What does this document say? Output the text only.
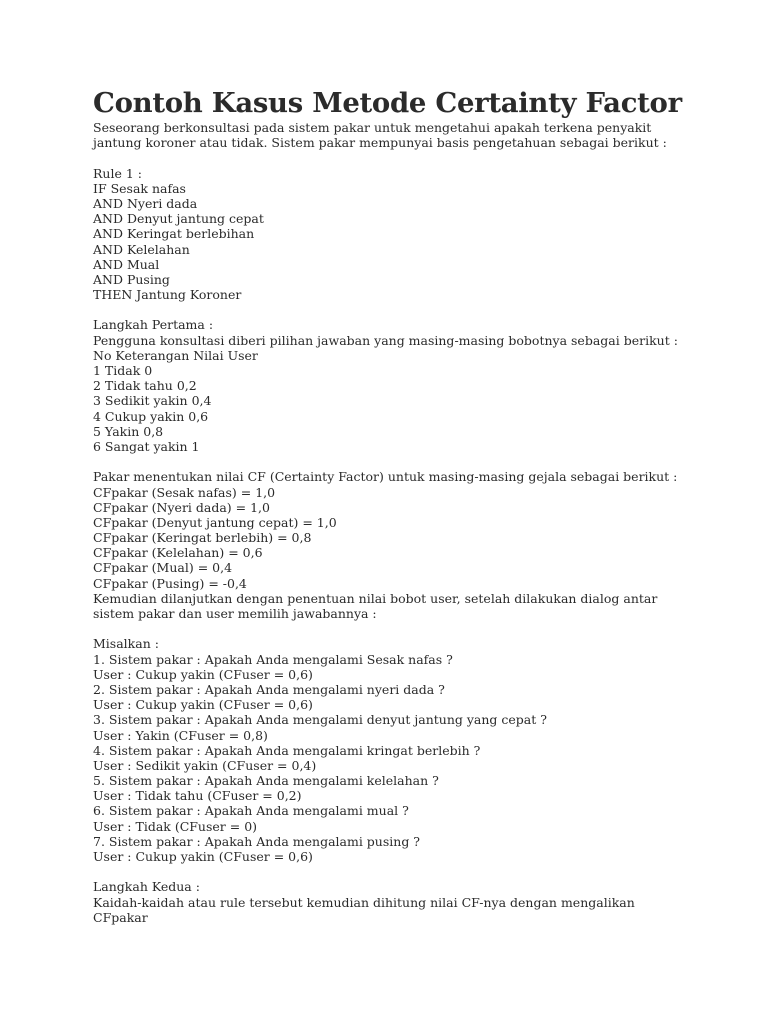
Contoh Kasus Metode Certainty Factor
Seseorang berkonsultasi pada sistem pakar untuk mengetahui apakah terkena penyakit
jantung koroner atau tidak. Sistem pakar mempunyai basis pengetahuan sebagai berikut :
Rule 1 :
IF Sesak nafas
AND Nyeri dada
AND Denyut jantung cepat
AND Keringat berlebihan
AND Kelelahan
AND Mual
AND Pusing
THEN Jantung Koroner
Langkah Pertama :
Pengguna konsultasi diberi pilihan jawaban yang masing-masing bobotnya sebagai berikut :
No Keterangan Nilai User
1 Tidak 0
2 Tidak tahu 0,2
3 Sedikit yakin 0,4
4 Cukup yakin 0,6
5 Yakin 0,8
6 Sangat yakin 1
Pakar menentukan nilai CF (Certainty Factor) untuk masing-masing gejala sebagai berikut :
CFpakar (Sesak nafas) = 1,0
CFpakar (Nyeri dada) = 1,0
CFpakar (Denyut jantung cepat) = 1,0
CFpakar (Keringat berlebih) = 0,8
CFpakar (Kelelahan) = 0,6
CFpakar (Mual) = 0,4
CFpakar (Pusing) = -0,4
Kemudian dilanjutkan dengan penentuan nilai bobot user, setelah dilakukan dialog antar
sistem pakar dan user memilih jawabannya :
Misalkan :
1. Sistem pakar : Apakah Anda mengalami Sesak nafas ?
User : Cukup yakin (CFuser = 0,6)
2. Sistem pakar : Apakah Anda mengalami nyeri dada ?
User : Cukup yakin (CFuser = 0,6)
3. Sistem pakar : Apakah Anda mengalami denyut jantung yang cepat ?
User : Yakin (CFuser = 0,8)
4. Sistem pakar : Apakah Anda mengalami kringat berlebih ?
User : Sedikit yakin (CFuser = 0,4)
5. Sistem pakar : Apakah Anda mengalami kelelahan ?
User : Tidak tahu (CFuser = 0,2)
6. Sistem pakar : Apakah Anda mengalami mual ?
User : Tidak (CFuser = 0)
7. Sistem pakar : Apakah Anda mengalami pusing ?
User : Cukup yakin (CFuser = 0,6)
Langkah Kedua :
Kaidah-kaidah atau rule tersebut kemudian dihitung nilai CF-nya dengan mengalikan
CFpakar
